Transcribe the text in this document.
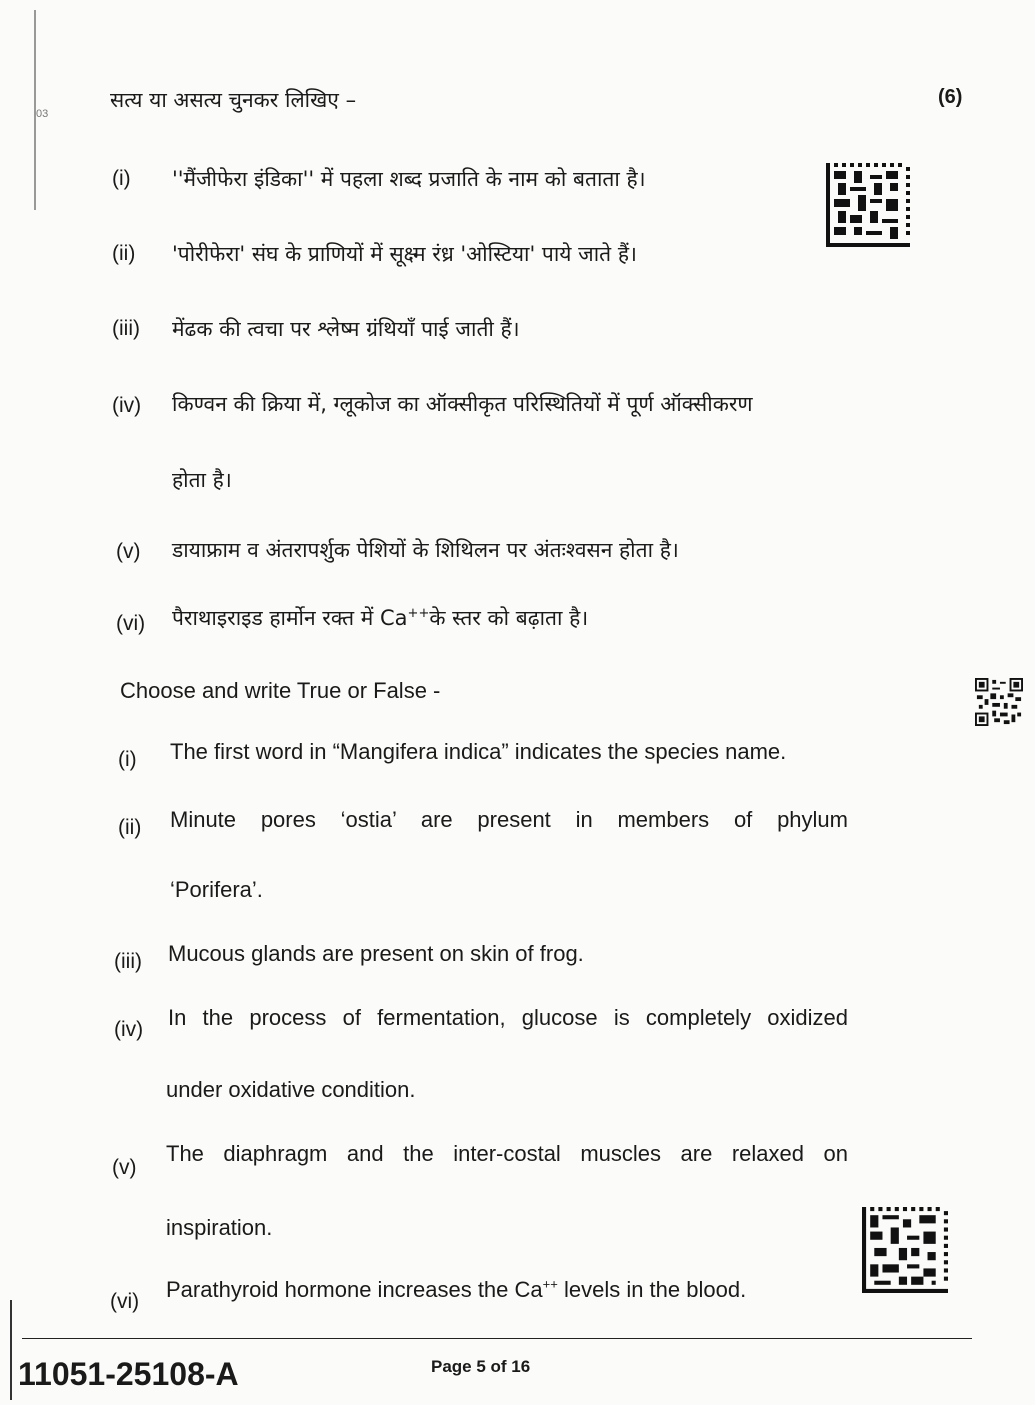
03
(6)
सत्य या असत्य चुनकर लिखिए –
(i) ''मैंजीफेरा इंडिका'' में पहला शब्द प्रजाति के नाम को बताता है।
(ii) 'पोरीफेरा' संघ के प्राणियों में सूक्ष्म रंध्र 'ओस्टिया' पाये जाते हैं।
(iii) मेंढक की त्वचा पर श्लेष्म ग्रंथियाँ पाई जाती हैं।
(iv) किण्वन की क्रिया में, ग्लूकोज का ऑक्सीकृत परिस्थितियों में पूर्ण ऑक्सीकरण
होता है।
(v) डायाफ्राम व अंतरापर्शुक पेशियों के शिथिलन पर अंतःश्वसन होता है।
(vi) पैराथाइराइड हार्मोन रक्त में Ca++के स्तर को बढ़ाता है।
Choose and write True or False -
(i) The first word in “Mangifera indica” indicates the species name.
(ii) Minute pores ‘ostia’ are present in members of phylum
‘Porifera’.
(iii) Mucous glands are present on skin of frog.
(iv) In the process of fermentation, glucose is completely oxidized
under oxidative condition.
(v)
The diaphragm and the inter-costal muscles are relaxed on
inspiration.
(vi) Parathyroid hormone increases the Ca++ levels in the blood.
11051-25108-A	Page 5 of 16
